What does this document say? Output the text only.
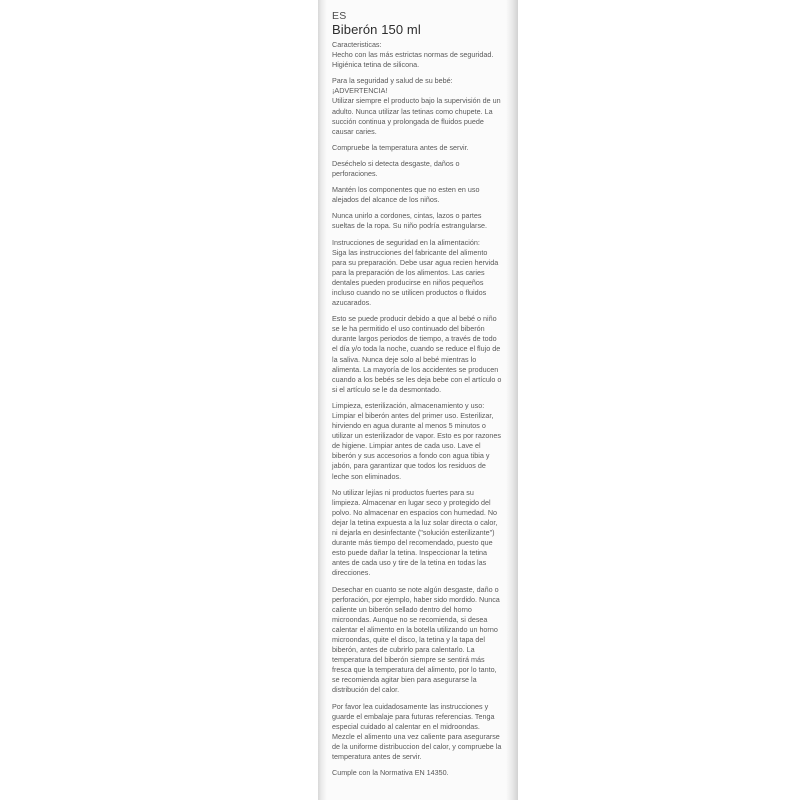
ES
Biberón 150 ml

Caracteristicas:

Hecho con las más estrictas normas de seguridad. Higiénica tetina de silicona.

Para la seguridad y salud de su bebé:

¡ADVERTENCIA!

Utilizar siempre el producto bajo la supervisión de un adulto. Nunca utilizar las tetinas como chupete. La succión continua y prolongada de fluidos puede causar caries.

Compruebe la temperatura antes de servir.

Deséchelo si detecta desgaste, daños o perforaciones.

Mantén los componentes que no esten en uso alejados del alcance de los niños.

Nunca unirlo a cordones, cintas, lazos o partes sueltas de la ropa. Su niño podría estrangularse.

Instrucciones de seguridad en la alimentación:

Siga las instrucciones del fabricante del alimento para su preparación. Debe usar agua recien hervida para la preparación de los alimentos. Las caries dentales pueden producirse en niños pequeños incluso cuando no se utilicen productos o fluidos azucarados.

Esto se puede producir debido a que al bebé o niño se le ha permitido el uso continuado del biberón durante largos periodos de tiempo, a través de todo el día y/o toda la noche, cuando se reduce el flujo de la saliva. Nunca deje solo al bebé mientras lo alimenta. La mayoría de los accidentes se producen cuando a los bebés se les deja bebe con el artículo o si el artículo se le da desmontado.

Limpieza, esterilización, almacenamiento y uso:

Limpiar el biberón antes del primer uso. Esterilizar, hirviendo en agua durante al menos 5 minutos o utilizar un esterilizador de vapor. Esto es por razones de higiene. Limpiar antes de cada uso. Lave el biberón y sus accesorios a fondo con agua tibia y jabón, para garantizar que todos los residuos de leche son eliminados.

No utilizar lejías ni productos fuertes para su limpieza. Almacenar en lugar seco y protegido del polvo. No almacenar en espacios con humedad. No dejar la tetina expuesta a la luz solar directa o calor, ni dejarla en desinfectante ("solución esterilizante") durante más tiempo del recomendado, puesto que esto puede dañar la tetina. Inspeccionar la tetina antes de cada uso y tire de la tetina en todas las direcciones.

Desechar en cuanto se note algún desgaste, daño o perforación, por ejemplo, haber sido mordido. Nunca caliente un biberón sellado dentro del horno microondas. Aunque no se recomienda, si desea calentar el alimento en la botella utilizando un horno microondas, quite el disco, la tetina y la tapa del biberón, antes de cubrirlo para calentarlo. La temperatura del biberón siempre se sentirá más fresca que la temperatura del alimento, por lo tanto, se recomienda agitar bien para asegurarse la distribución del calor.

Por favor lea cuidadosamente las instrucciones y guarde el embalaje para futuras referencias. Tenga especial cuidado al calentar en el midroondas. Mezcle el alimento una vez caliente para asegurarse de la uniforme distribuccion del calor, y compruebe la temperatura antes de servir.

Cumple con la Normativa EN 14350.
